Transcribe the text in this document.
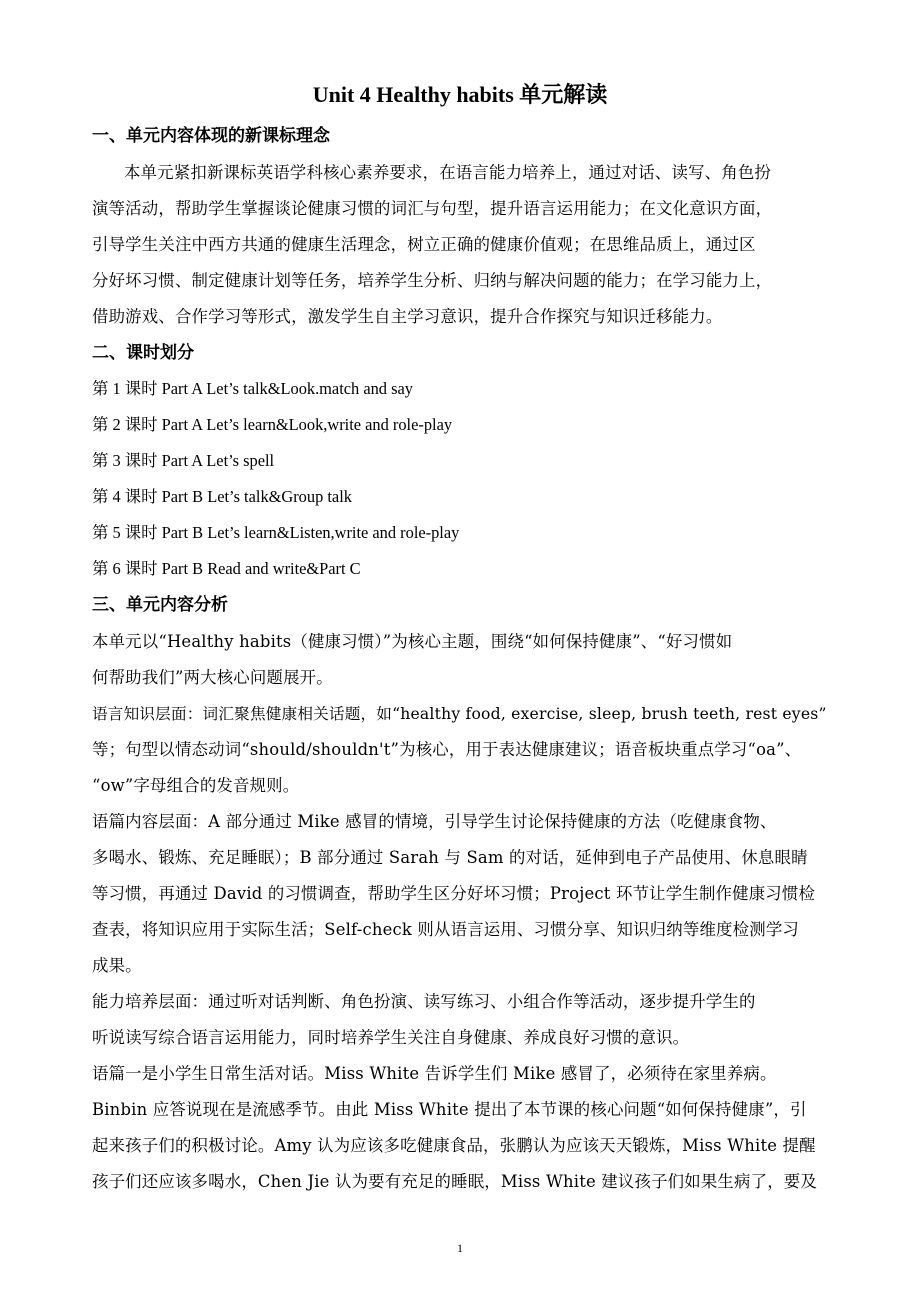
Unit 4 Healthy habits 单元解读
一、单元内容体现的新课标理念
本单元紧扣新课标英语学科核心素养要求，在语言能力培养上，通过对话、读写、角色扮
演等活动，帮助学生掌握谈论健康习惯的词汇与句型，提升语言运用能力；在文化意识方面，
引导学生关注中西方共通的健康生活理念，树立正确的健康价值观；在思维品质上，通过区
分好坏习惯、制定健康计划等任务，培养学生分析、归纳与解决问题的能力；在学习能力上，
借助游戏、合作学习等形式，激发学生自主学习意识，提升合作探究与知识迁移能力。
二、课时划分
第 1 课时 Part A Let’s talk&Look.match and say
第 2 课时 Part A Let’s learn&Look,write and role-play
第 3 课时 Part A Let’s spell
第 4 课时 Part B Let’s talk&Group talk
第 5 课时 Part B Let’s learn&Listen,write and role-play
第 6 课时 Part B Read and write&Part C
三、单元内容分析
本单元以“Healthy habits（健康习惯）”为核心主题，围绕“如何保持健康”、“好习惯如
何帮助我们”两大核心问题展开。
语言知识层面：词汇聚焦健康相关话题，如“healthy food, exercise, sleep, brush teeth, rest eyes”
等；句型以情态动词“should/shouldn't”为核心，用于表达健康建议；语音板块重点学习“oa”、
“ow”字母组合的发音规则。
语篇内容层面：A 部分通过 Mike 感冒的情境，引导学生讨论保持健康的方法（吃健康食物、
多喝水、锻炼、充足睡眠）；B 部分通过 Sarah 与 Sam 的对话，延伸到电子产品使用、休息眼睛
等习惯，再通过 David 的习惯调查，帮助学生区分好坏习惯；Project 环节让学生制作健康习惯检
查表，将知识应用于实际生活；Self-check 则从语言运用、习惯分享、知识归纳等维度检测学习
成果。
能力培养层面：通过听对话判断、角色扮演、读写练习、小组合作等活动，逐步提升学生的
听说读写综合语言运用能力，同时培养学生关注自身健康、养成良好习惯的意识。
语篇一是小学生日常生活对话。Miss White 告诉学生们 Mike 感冒了，必须待在家里养病。
Binbin 应答说现在是流感季节。由此 Miss White 提出了本节课的核心问题“如何保持健康”，引
起来孩子们的积极讨论。Amy 认为应该多吃健康食品，张鹏认为应该天天锻炼，Miss White 提醒
孩子们还应该多喝水，Chen Jie 认为要有充足的睡眠，Miss White 建议孩子们如果生病了，要及
1
